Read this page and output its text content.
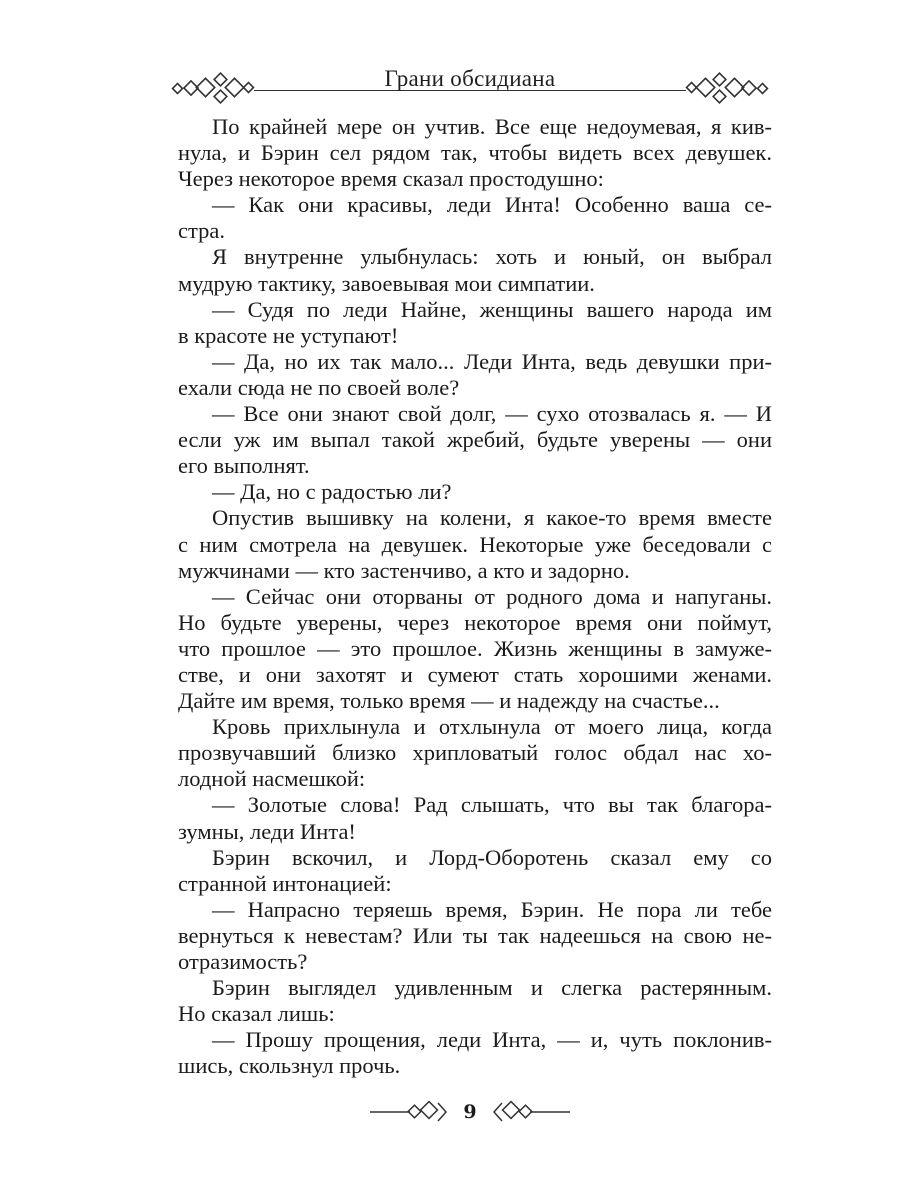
Грани обсидиана
По крайней мере он учтив. Все еще недоумевая, я кив-
нула, и Бэрин сел рядом так, чтобы видеть всех девушек.
Через некоторое время сказал простодушно:
— Как они красивы, леди Инта! Особенно ваша се-
стра.
Я внутренне улыбнулась: хоть и юный, он выбрал
мудрую тактику, завоевывая мои симпатии.
— Судя по леди Найне, женщины вашего народа им
в красоте не уступают!
— Да, но их так мало... Леди Инта, ведь девушки при-
ехали сюда не по своей воле?
— Все они знают свой долг, — сухо отозвалась я. — И
если уж им выпал такой жребий, будьте уверены — они
его выполнят.
— Да, но с радостью ли?
Опустив вышивку на колени, я какое-то время вместе
с ним смотрела на девушек. Некоторые уже беседовали с
мужчинами — кто застенчиво, а кто и задорно.
— Сейчас они оторваны от родного дома и напуганы.
Но будьте уверены, через некоторое время они поймут,
что прошлое — это прошлое. Жизнь женщины в замуже-
стве, и они захотят и сумеют стать хорошими женами.
Дайте им время, только время — и надежду на счастье...
Кровь прихлынула и отхлынула от моего лица, когда
прозвучавший близко хрипловатый голос обдал нас хо-
лодной насмешкой:
— Золотые слова! Рад слышать, что вы так благора-
зумны, леди Инта!
Бэрин вскочил, и Лорд-Оборотень сказал ему со
странной интонацией:
— Напрасно теряешь время, Бэрин. Не пора ли тебе
вернуться к невестам? Или ты так надеешься на свою не-
отразимость?
Бэрин выглядел удивленным и слегка растерянным.
Но сказал лишь:
— Прошу прощения, леди Инта, — и, чуть поклонив-
шись, скользнул прочь.
9
